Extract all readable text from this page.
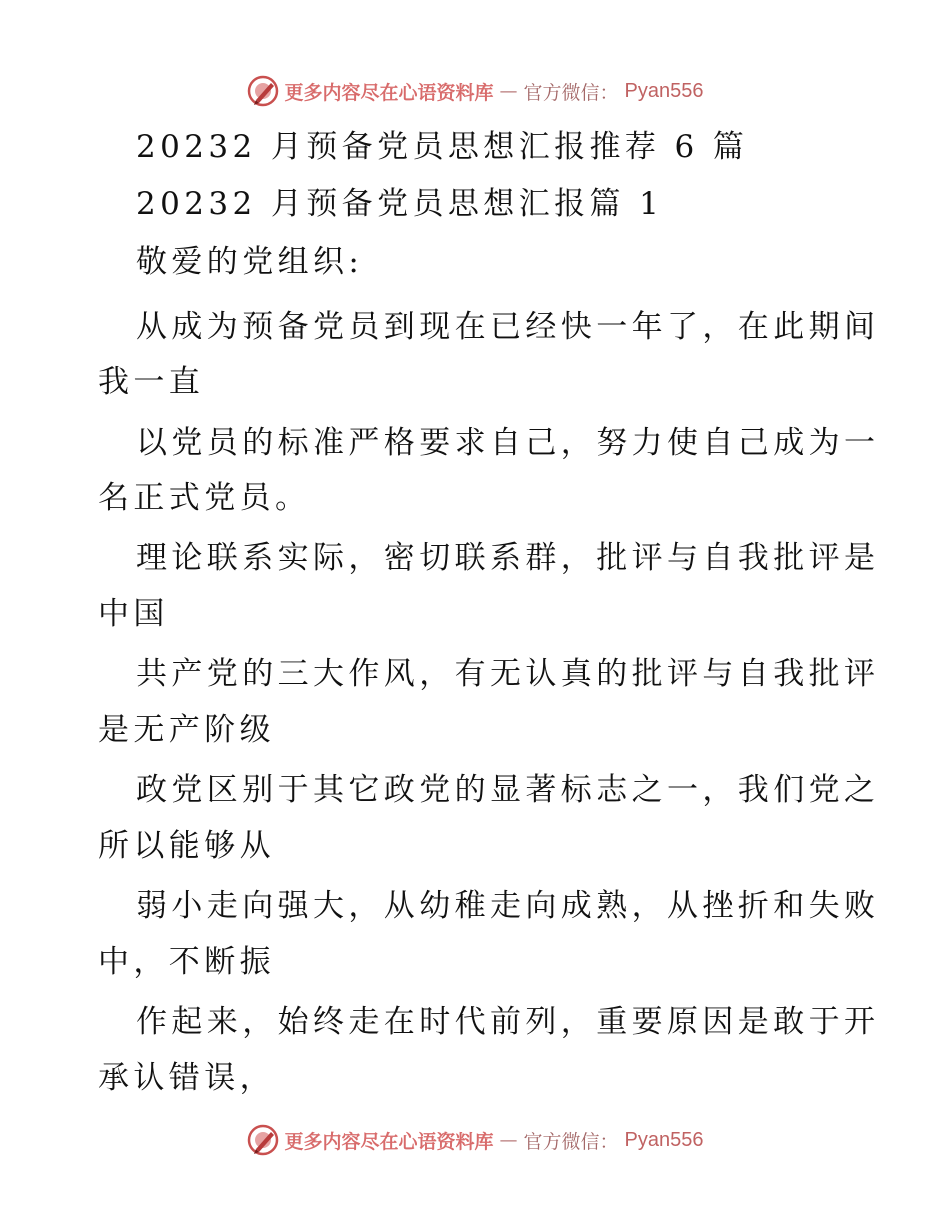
更多内容尽在心语资料库 — 官方微信： Pyan556
20232 月预备党员思想汇报推荐 6 篇
20232 月预备党员思想汇报篇 1
敬爱的党组织:
从成为预备党员到现在已经快一年了，在此期间
我一直
以党员的标准严格要求自己，努力使自己成为一
名正式党员。
理论联系实际，密切联系群，批评与自我批评是
中国
共产党的三大作风，有无认真的批评与自我批评
是无产阶级
政党区别于其它政党的显著标志之一，我们党之
所以能够从
弱小走向强大，从幼稚走向成熟，从挫折和失败
中，不断振
作起来，始终走在时代前列，重要原因是敢于开
承认错误，
更多内容尽在心语资料库 — 官方微信： Pyan556
